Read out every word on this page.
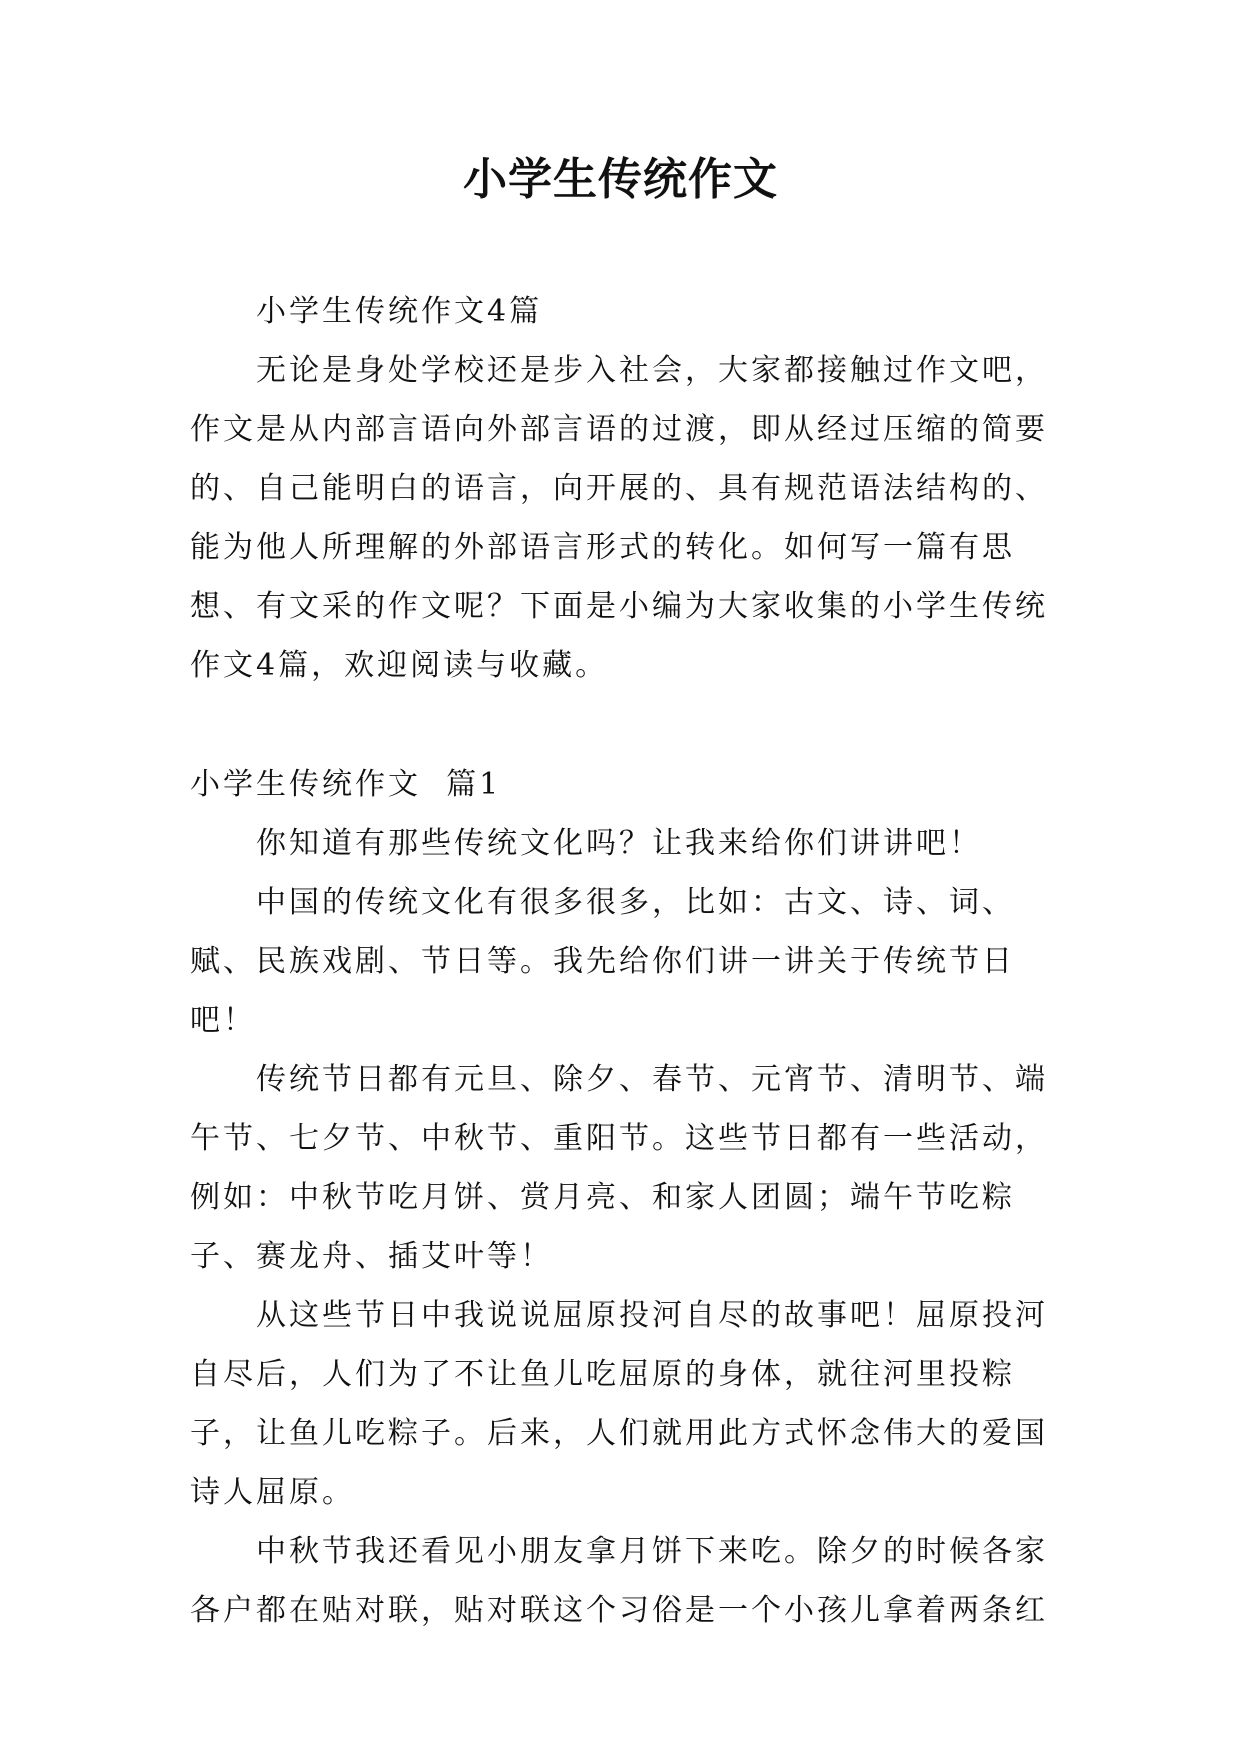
小学生传统作文

小学生传统作文4篇

无论是身处学校还是步入社会，大家都接触过作文吧，作文是从内部言语向外部言语的过渡，即从经过压缩的简要的、自己能明白的语言，向开展的、具有规范语法结构的、能为他人所理解的外部语言形式的转化。如何写一篇有思想、有文采的作文呢？下面是小编为大家收集的小学生传统作文4篇，欢迎阅读与收藏。

小学生传统作文  篇1

你知道有那些传统文化吗？让我来给你们讲讲吧！

中国的传统文化有很多很多，比如：古文、诗、词、赋、民族戏剧、节日等。我先给你们讲一讲关于传统节日吧！

传统节日都有元旦、除夕、春节、元宵节、清明节、端午节、七夕节、中秋节、重阳节。这些节日都有一些活动，例如：中秋节吃月饼、赏月亮、和家人团圆；端午节吃粽子、赛龙舟、插艾叶等！

从这些节日中我说说屈原投河自尽的故事吧！屈原投河自尽后，人们为了不让鱼儿吃屈原的身体，就往河里投粽子，让鱼儿吃粽子。后来，人们就用此方式怀念伟大的爱国诗人屈原。

中秋节我还看见小朋友拿月饼下来吃。除夕的时候各家各户都在贴对联，贴对联这个习俗是一个小孩儿拿着两条红
